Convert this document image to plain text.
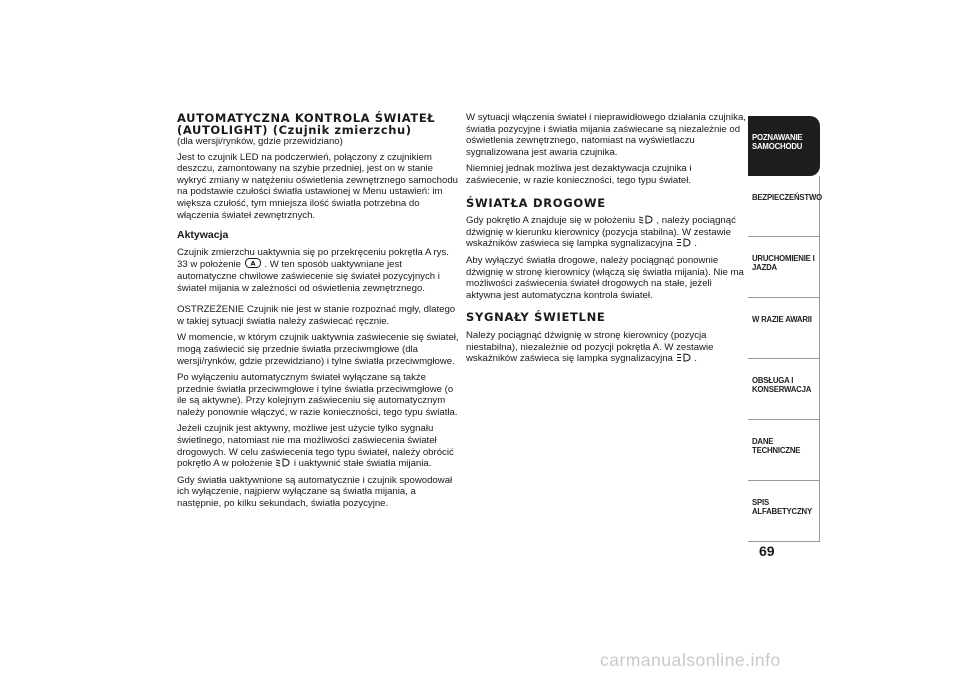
AUTOMATYCZNA KONTROLA ŚWIATEŁ
(AUTOLIGHT) (Czujnik zmierzchu)
(dla wersji/rynków, gdzie przewidziano)

Jest to czujnik LED na podczerwień, połączony z czujnikiem deszczu, zamontowany na szybie przedniej, jest on w stanie wykryć zmiany w natężeniu oświetlenia zewnętrznego samochodu na podstawie czułości światła ustawionej w Menu ustawień: im większa czułość, tym mniejsza ilość światła potrzebna do włączenia świateł zewnętrznych.

Aktywacja

Czujnik zmierzchu uaktywnia się po przekręceniu pokrętła A rys. 33 w położenie A . W ten sposób uaktywniane jest automatyczne chwilowe zaświecenie się świateł pozycyjnych i świateł mijania w zależności od oświetlenia zewnętrznego.

OSTRZEŻENIE Czujnik nie jest w stanie rozpoznać mgły, dlatego w takiej sytuacji światła należy zaświecać ręcznie.

W momencie, w którym czujnik uaktywnia zaświecenie się świateł, mogą zaświecić się przednie światła przeciwmgłowe (dla wersji/rynków, gdzie przewidziano) i tylne światła przeciwmgłowe.

Po wyłączeniu automatycznym świateł wyłączane są także przednie światła przeciwmgłowe i tylne światła przeciwmgłowe (o ile są aktywne). Przy kolejnym zaświeceniu się automatycznym należy ponownie włączyć, w razie konieczności, tego typu światła.

Jeżeli czujnik jest aktywny, możliwe jest użycie tylko sygnału świetlnego, natomiast nie ma możliwości zaświecenia świateł drogowych. W celu zaświecenia tego typu świateł, należy obrócić pokrętło A w położenie i uaktywnić stałe światła mijania.

Gdy światła uaktywnione są automatycznie i czujnik spowodował ich wyłączenie, najpierw wyłączane są światła mijania, a następnie, po kilku sekundach, światła pozycyjne.

W sytuacji włączenia świateł i nieprawidłowego działania czujnika, światła pozycyjne i światła mijania zaświecane są niezależnie od oświetlenia zewnętrznego, natomiast na wyświetlaczu sygnalizowana jest awaria czujnika.

Niemniej jednak możliwa jest dezaktywacja czujnika i zaświecenie, w razie konieczności, tego typu świateł.

ŚWIATŁA DROGOWE

Gdy pokrętło A znajduje się w położeniu , należy pociągnąć dźwignię w kierunku kierownicy (pozycja stabilna). W zestawie wskaźników zaświeca się lampka sygnalizacyjna .

Aby wyłączyć światła drogowe, należy pociągnąć ponownie dźwignię w stronę kierownicy (włączą się światła mijania). Nie ma możliwości zaświecenia świateł drogowych na stałe, jeżeli aktywna jest automatyczna kontrola świateł.

SYGNAŁY ŚWIETLNE

Należy pociągnąć dźwignię w stronę kierownicy (pozycja niestabilna), niezależnie od pozycji pokrętła A. W zestawie wskaźników zaświeca się lampka sygnalizacyjna .

POZNAWANIE SAMOCHODU
BEZPIECZEŃSTWO
URUCHOMIENIE I JAZDA
W RAZIE AWARII
OBSŁUGA I KONSERWACJA
DANE TECHNICZNE
SPIS ALFABETYCZNY
69
carmanualsonline.info
